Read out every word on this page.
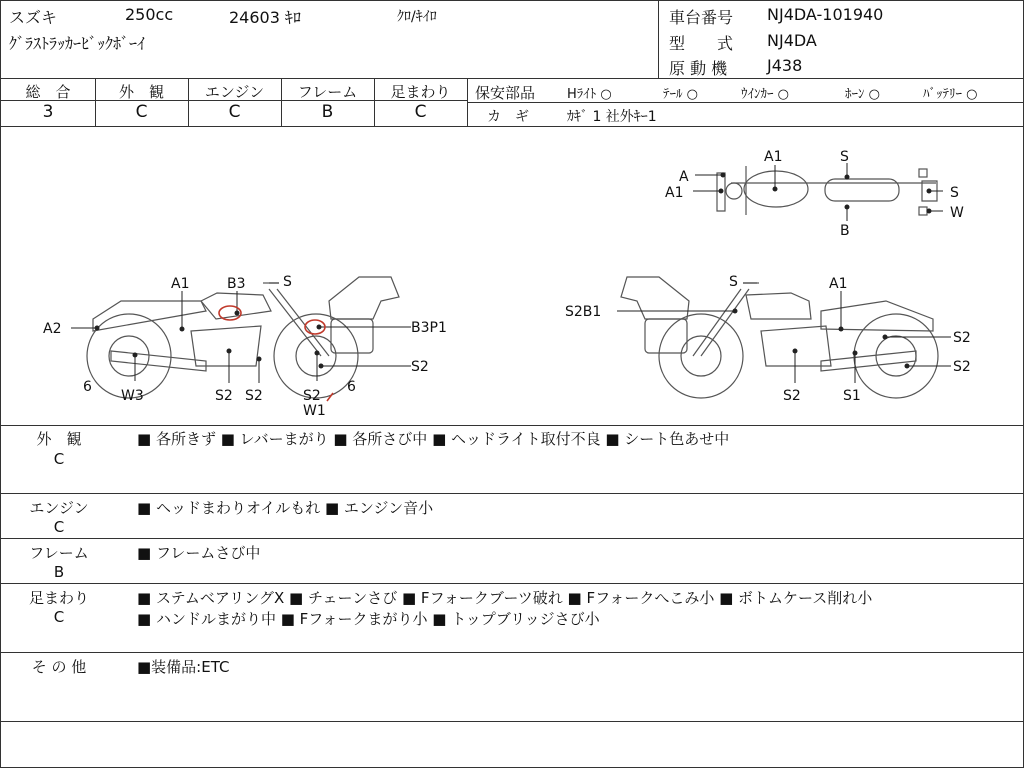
スズキ	250cc	24603 ｷﾛ	ｸﾛ/ｷｲﾛ
ｸﾞﾗｽﾄﾗｯｶｰﾋﾞｯｸﾎﾞｰｲ
車台番号 NJ4DA-101940
型　　式 NJ4DA
原 動 機 J438
総　合
3
外　観
C
エンジン
C
フレーム
B
足まわり
C
保安部品 Hﾗｲﾄ ○	ﾃｰﾙ ○	ｳｲﾝｶｰ ○	ﾎｰﾝ ○	ﾊﾞｯﾃﾘｰ ○
カ　ギ	ｶｷﾞ 1 社外ｷｰ1
A
A1
A1	S
S
W
B
A1	B3	S
A2	B3P1
S2
6
W3	S2 S2	S2
6
W1
S	A1
S2B1
S2
S2
S2	S1
外　観
C
■ 各所きず ■ レバーまがり ■ 各所さび中 ■ ヘッドライト取付不良 ■ シート色あせ中
エンジン
C
■ ヘッドまわりオイルもれ ■ エンジン音小
フレーム
B
■ フレームさび中
足まわり
C
■ ステムベアリングX ■ チェーンさび ■ Fフォークブーツ破れ ■ Fフォークへこみ小 ■ ボトムケース削れ小
■ ハンドルまがり中 ■ Fフォークまがり小 ■ トップブリッジさび小
そ の 他	■装備品:ETC
